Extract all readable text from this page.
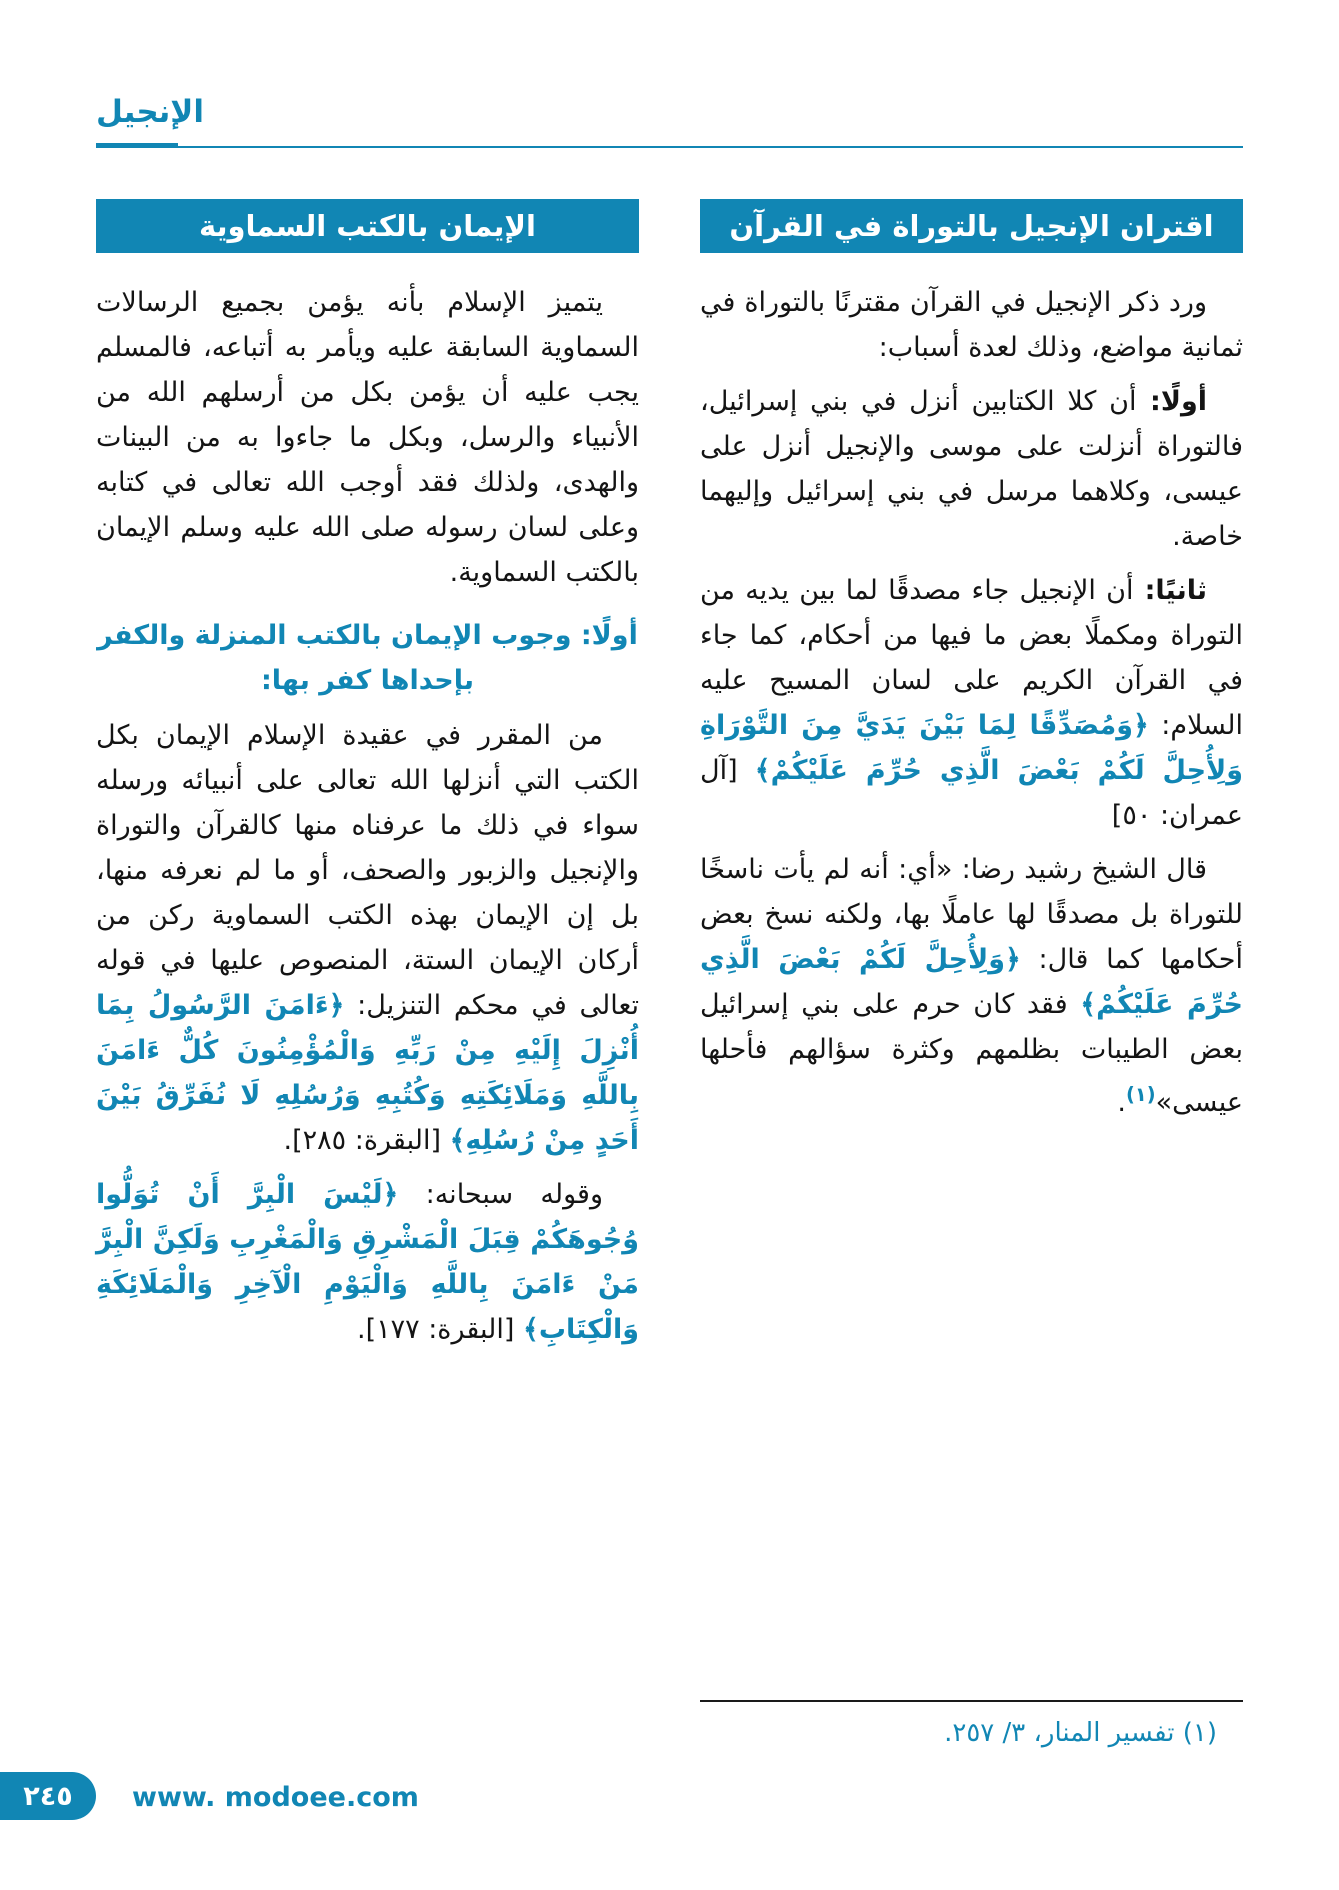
الإنجيل
اقتران الإنجيل بالتوراة في القرآن

ورد ذكر الإنجيل في القرآن مقترنًا بالتوراة في ثمانية مواضع، وذلك لعدة أسباب:

أولًا: أن كلا الكتابين أنزل في بني إسرائيل، فالتوراة أنزلت على موسى والإنجيل أنزل على عيسى، وكلاهما مرسل في بني إسرائيل وإليهما خاصة.

ثانيًا: أن الإنجيل جاء مصدقًا لما بين يديه من التوراة ومكملًا بعض ما فيها من أحكام، كما جاء في القرآن الكريم على لسان المسيح عليه السلام: ﴿وَمُصَدِّقًا لِمَا بَيْنَ يَدَيَّ مِنَ التَّوْرَاةِ وَلِأُحِلَّ لَكُمْ بَعْضَ الَّذِي حُرِّمَ عَلَيْكُمْ﴾ [آل عمران: ٥٠]

قال الشيخ رشيد رضا: «أي: أنه لم يأت ناسخًا للتوراة بل مصدقًا لها عاملًا بها، ولكنه نسخ بعض أحكامها كما قال: ﴿وَلِأُحِلَّ لَكُمْ بَعْضَ الَّذِي حُرِّمَ عَلَيْكُمْ﴾ فقد كان حرم على بني إسرائيل بعض الطيبات بظلمهم وكثرة سؤالهم فأحلها عيسى»$^{(١)}$.

الإيمان بالكتب السماوية

يتميز الإسلام بأنه يؤمن بجميع الرسالات السماوية السابقة عليه ويأمر به أتباعه، فالمسلم يجب عليه أن يؤمن بكل من أرسلهم الله من الأنبياء والرسل، وبكل ما جاءوا به من البينات والهدى، ولذلك فقد أوجب الله تعالى في كتابه وعلى لسان رسوله صلى الله عليه وسلم الإيمان بالكتب السماوية.

أولًا: وجوب الإيمان بالكتب المنزلة والكفر بإحداها كفر بها:

من المقرر في عقيدة الإسلام الإيمان بكل الكتب التي أنزلها الله تعالى على أنبيائه ورسله سواء في ذلك ما عرفناه منها كالقرآن والتوراة والإنجيل والزبور والصحف، أو ما لم نعرفه منها، بل إن الإيمان بهذه الكتب السماوية ركن من أركان الإيمان الستة، المنصوص عليها في قوله تعالى في محكم التنزيل: ﴿ءَامَنَ الرَّسُولُ بِمَا أُنْزِلَ إِلَيْهِ مِنْ رَبِّهِ وَالْمُؤْمِنُونَ كُلٌّ ءَامَنَ بِاللَّهِ وَمَلَائِكَتِهِ وَكُتُبِهِ وَرُسُلِهِ لَا نُفَرِّقُ بَيْنَ أَحَدٍ مِنْ رُسُلِهِ﴾ [البقرة: ٢٨٥].

وقوله سبحانه: ﴿لَيْسَ الْبِرَّ أَنْ تُوَلُّوا وُجُوهَكُمْ قِبَلَ الْمَشْرِقِ وَالْمَغْرِبِ وَلَكِنَّ الْبِرَّ مَنْ ءَامَنَ بِاللَّهِ وَالْيَوْمِ الْآخِرِ وَالْمَلَائِكَةِ وَالْكِتَابِ﴾ [البقرة: ١٧٧].

(١) تفسير المنار، ٣/ ٢٥٧.
٢٤٥ www. modoee.com
